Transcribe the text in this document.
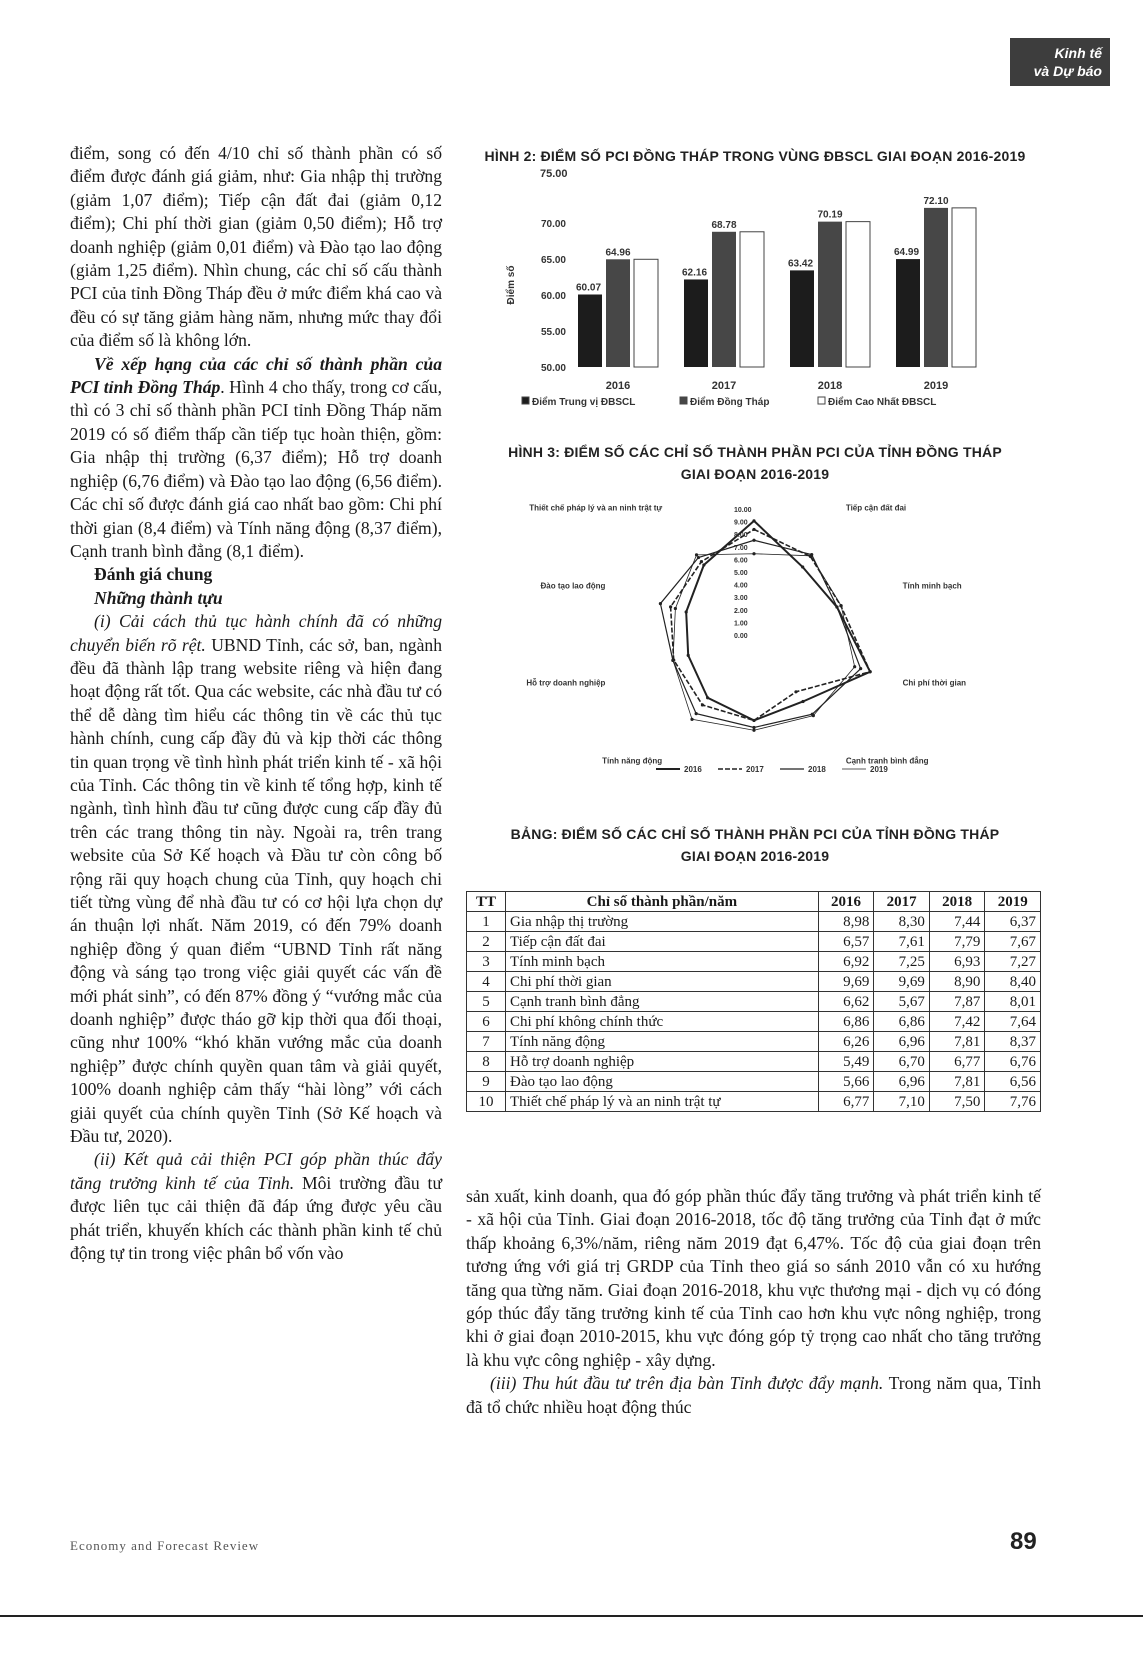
Kinh tế
và Dự báo

điểm, song có đến 4/10 chỉ số thành phần có số điểm được đánh giá giảm, như: Gia nhập thị trường (giảm 1,07 điểm); Tiếp cận đất đai (giảm 0,12 điểm); Chi phí thời gian (giảm 0,50 điểm); Hỗ trợ doanh nghiệp (giảm 0,01 điểm) và Đào tạo lao động (giảm 1,25 điểm). Nhìn chung, các chỉ số cấu thành PCI của tỉnh Đồng Tháp đều ở mức điểm khá cao và đều có sự tăng giảm hàng năm, nhưng mức thay đổi của điểm số là không lớn.

Về xếp hạng của các chỉ số thành phần của PCI tỉnh Đồng Tháp. Hình 4 cho thấy, trong cơ cấu, thì có 3 chỉ số thành phần PCI tỉnh Đồng Tháp năm 2019 có số điểm thấp cần tiếp tục hoàn thiện, gồm: Gia nhập thị trường (6,37 điểm); Hỗ trợ doanh nghiệp (6,76 điểm) và Đào tạo lao động (6,56 điểm). Các chỉ số được đánh giá cao nhất bao gồm: Chi phí thời gian (8,4 điểm) và Tính năng động (8,37 điểm), Cạnh tranh bình đẳng (8,1 điểm).

Đánh giá chung

Những thành tựu

(i) Cải cách thủ tục hành chính đã có những chuyển biến rõ rệt. UBND Tỉnh, các sở, ban, ngành đều đã thành lập trang website riêng và hiện đang hoạt động rất tốt. Qua các website, các nhà đầu tư có thể dễ dàng tìm hiểu các thông tin về các thủ tục hành chính, cung cấp đầy đủ và kịp thời các thông tin quan trọng về tình hình phát triển kinh tế - xã hội của Tỉnh. Các thông tin về kinh tế tổng hợp, kinh tế ngành, tình hình đầu tư cũng được cung cấp đầy đủ trên các trang thông tin này. Ngoài ra, trên trang website của Sở Kế hoạch và Đầu tư còn công bố rộng rãi quy hoạch chung của Tỉnh, quy hoạch chi tiết từng vùng để nhà đầu tư có cơ hội lựa chọn dự án thuận lợi nhất. Năm 2019, có đến 79% doanh nghiệp đồng ý quan điểm “UBND Tỉnh rất năng động và sáng tạo trong việc giải quyết các vấn đề mới phát sinh”, có đến 87% đồng ý “vướng mắc của doanh nghiệp” được tháo gỡ kịp thời qua đối thoại, cũng như 100% “khó khăn vướng mắc của doanh nghiệp” được chính quyền quan tâm và giải quyết, 100% doanh nghiệp cảm thấy “hài lòng” với cách giải quyết của chính quyền Tỉnh (Sở Kế hoạch và Đầu tư, 2020).

(ii) Kết quả cải thiện PCI góp phần thúc đẩy tăng trưởng kinh tế của Tỉnh. Môi trường đầu tư được liên tục cải thiện đã đáp ứng được yêu cầu phát triển, khuyến khích các thành phần kinh tế chủ động tự tin trong việc phân bổ vốn vào

HÌNH 2: ĐIỂM SỐ PCI ĐỒNG THÁP TRONG VÙNG ĐBSCL GIAI ĐOẠN 2016-2019
75.00
Điểm số
50.00
55.00
60.00
65.00
70.00
60.07
64.96
62.16
68.78
63.42
70.19
64.99
72.10
2016	2017	2018	2019
Điểm Trung vị ĐBSCL	Điểm Đồng Tháp	Điểm Cao Nhất ĐBSCL
HÌNH 3: ĐIỂM SỐ CÁC CHỈ SỐ THÀNH PHẦN PCI CỦA TỈNH ĐỒNG THÁP
GIAI ĐOẠN 2016-2019
10.00
9.00
8.00
7.00
6.00
5.00
4.00
3.00
2.00
1.00
0.00
Tiếp cận đất đai
Tính minh bạch
Chi phí thời gian
Cạnh tranh bình đẳng
Tính năng động
Hỗ trợ doanh nghiệp
Đào tạo lao động
Thiết chế pháp lý và an ninh trật tự
2016	2017	2018	2019
BẢNG: ĐIỂM SỐ CÁC CHỈ SỐ THÀNH PHẦN PCI CỦA TỈNH ĐỒNG THÁP
GIAI ĐOẠN 2016-2019
TT	Chỉ số thành phần/năm	2016	2017	2018	2019
1	Gia nhập thị trường	8,98	8,30	7,44	6,37
2	Tiếp cận đất đai	6,57	7,61	7,79	7,67
3	Tính minh bạch	6,92	7,25	6,93	7,27
4	Chi phí thời gian	9,69	9,69	8,90	8,40
5	Cạnh tranh bình đẳng	6,62	5,67	7,87	8,01
6	Chi phí không chính thức	6,86	6,86	7,42	7,64
7	Tính năng động	6,26	6,96	7,81	8,37
8	Hỗ trợ doanh nghiệp	5,49	6,70	6,77	6,76
9	Đào tạo lao động	5,66	6,96	7,81	6,56
10	Thiết chế pháp lý và an ninh trật tự	6,77	7,10	7,50	7,76

sản xuất, kinh doanh, qua đó góp phần thúc đẩy tăng trưởng và phát triển kinh tế - xã hội của Tỉnh. Giai đoạn 2016-2018, tốc độ tăng trưởng của Tỉnh đạt ở mức thấp khoảng 6,3%/năm, riêng năm 2019 đạt 6,47%. Tốc độ của giai đoạn trên tương ứng với giá trị GRDP của Tỉnh theo giá so sánh 2010 vẫn có xu hướng tăng qua từng năm. Giai đoạn 2016-2018, khu vực thương mại - dịch vụ có đóng góp thúc đẩy tăng trưởng kinh tế của Tỉnh cao hơn khu vực nông nghiệp, trong khi ở giai đoạn 2010-2015, khu vực đóng góp tỷ trọng cao nhất cho tăng trưởng là khu vực công nghiệp - xây dựng.

(iii) Thu hút đầu tư trên địa bàn Tỉnh được đẩy mạnh. Trong năm qua, Tỉnh đã tổ chức nhiều hoạt động thúc

Economy and Forecast Review	89
